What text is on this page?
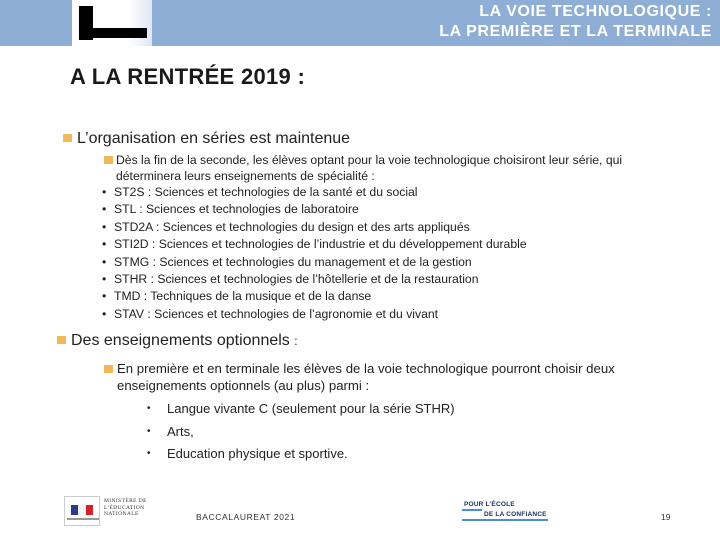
LA VOIE TECHNOLOGIQUE :
LA PREMIÈRE ET LA TERMINALE
A LA RENTRÉE 2019 :
L’organisation en séries est maintenue
Dès la fin de la seconde, les élèves optant pour la voie technologique choisiront leur série, qui déterminera leurs enseignements de spécialité :
• ST2S : Sciences et technologies de la santé et du social
• STL : Sciences et technologies de laboratoire
• STD2A : Sciences et technologies du design et des arts appliqués
• STI2D : Sciences et technologies de l’industrie et du développement durable
• STMG : Sciences et technologies du management et de la gestion
• STHR : Sciences et technologies de l’hôtellerie et de la restauration
• TMD : Techniques de la musique et de la danse
• STAV : Sciences et technologies de l’agronomie et du vivant
Des enseignements optionnels :
En première et en terminale les élèves de la voie technologique pourront choisir deux enseignements optionnels (au plus) parmi :
• Langue vivante C (seulement pour la série STHR)
• Arts,
• Education physique et sportive.
MINISTÈRE DE L’ÉDUCATION NATIONALE	BACCALAUREAT 2021
POUR L’ÉCOLE
DE LA CONFIANCE	19
